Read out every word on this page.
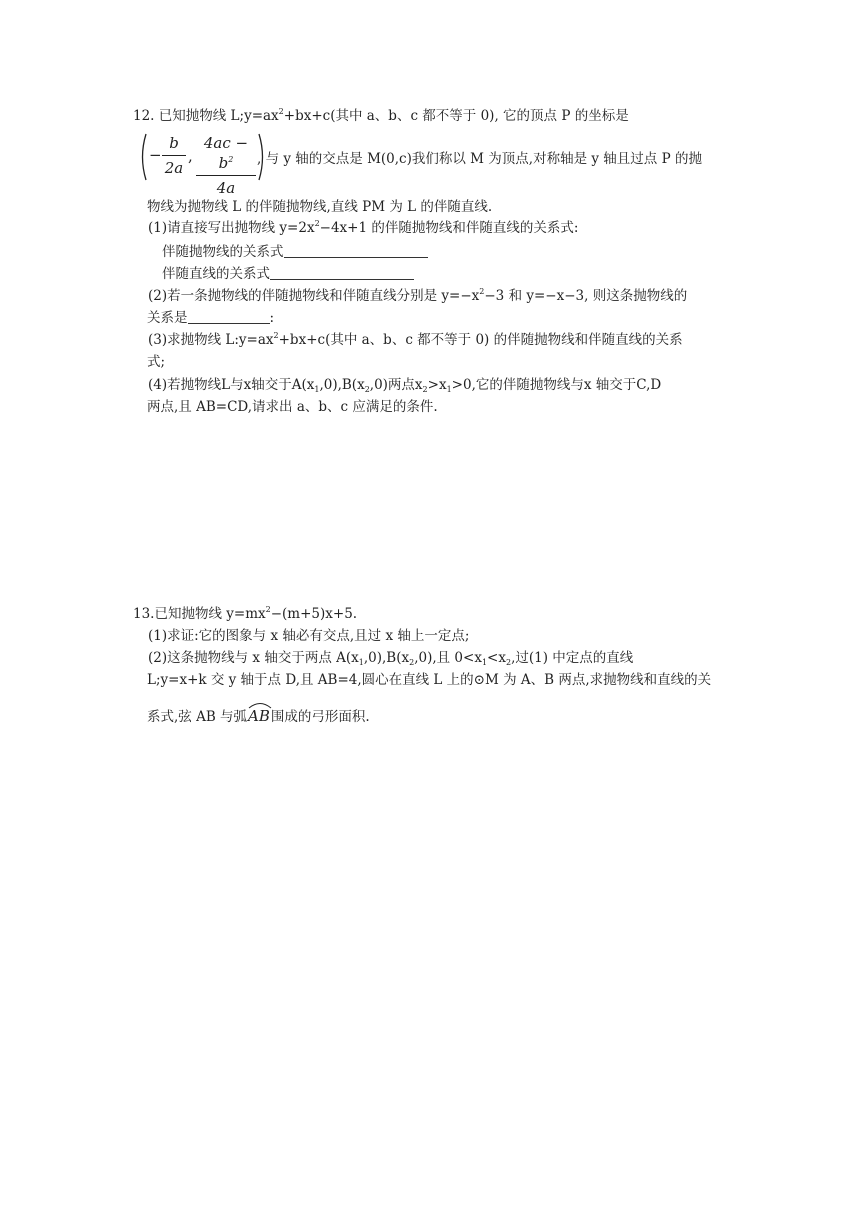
12. 已知抛物线 $L;y=ax^2+bx+c$(其中 a、b、c 都不等于 0), 它的顶点 P 的坐标是
−
b
2a
,
$4ac - b^2$
4a
, 与 y 轴的交点是 M(0,c)我们称以 M 为顶点,对称轴是 y 轴且过点 P 的抛
物线为抛物线 L 的伴随抛物线,直线 PM 为 L 的伴随直线.
(1)请直接写出抛物线 $y=2x^2-4x+1$ 的伴随抛物线和伴随直线的关系式:
伴随抛物线的关系式
伴随直线的关系式
(2)若一条抛物线的伴随抛物线和伴随直线分别是 $y=-x^2-3$ 和 y=−x−3, 则这条抛物线的
关系是	:
(3)求抛物线 $L:y=ax^2+bx+c$(其中 a、b、c 都不等于 0) 的伴随抛物线和伴随直线的关系
式;
(4)若抛物线L与x轴交于$A(x_1,0),B(x_2,0)$两点$x_2>x_1>0$,它的伴随抛物线与x 轴交于C,D
两点,且 AB=CD,请求出 a、b、c 应满足的条件.
13.已知抛物线 $y=mx^2-(m+5)x+5$.
(1)求证:它的图象与 x 轴必有交点,且过 x 轴上一定点;
(2)这条抛物线与 x 轴交于两点 $A(x_1,0),B(x_2,0)$,且 $0<x_1<x_2$,过(1) 中定点的直线
L;y=x+k 交 y 轴于点 D,且 AB=4,圆心在直线 L 上的⊙M 为 A、B 两点,求抛物线和直线的关
系式,弦 AB 与弧
AB围成的弓形面积.
